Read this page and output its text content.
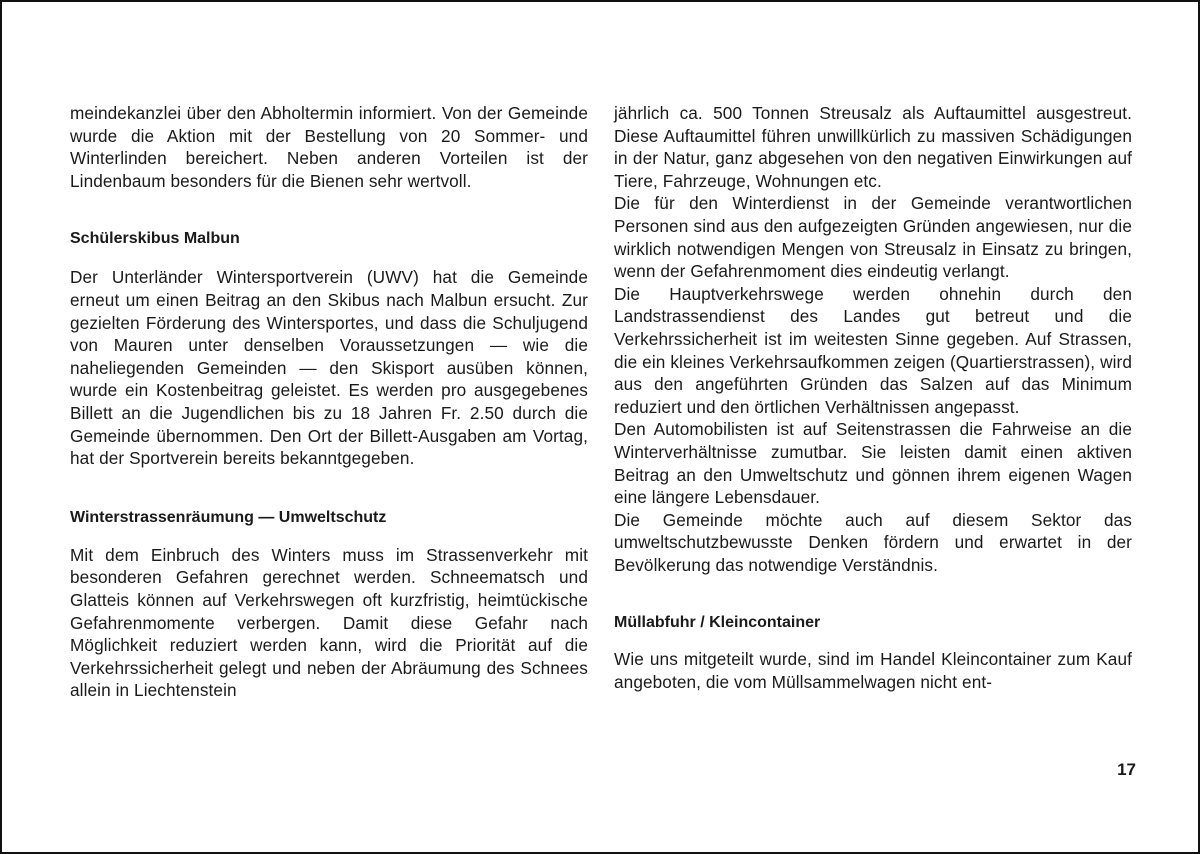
meindekanzlei über den Abholtermin informiert. Von der Gemeinde wurde die Aktion mit der Bestellung von 20 Sommer- und Winterlinden bereichert. Neben anderen Vorteilen ist der Lindenbaum besonders für die Bienen sehr wertvoll.

Schülerskibus Malbun

Der Unterländer Wintersportverein (UWV) hat die Gemeinde erneut um einen Beitrag an den Skibus nach Malbun ersucht. Zur gezielten Förderung des Wintersportes, und dass die Schuljugend von Mauren unter denselben Voraussetzungen — wie die naheliegenden Gemeinden — den Skisport ausüben können, wurde ein Kostenbeitrag geleistet. Es werden pro ausgegebenes Billett an die Jugendlichen bis zu 18 Jahren Fr. 2.50 durch die Gemeinde übernommen. Den Ort der Billett-Ausgaben am Vortag, hat der Sportverein bereits bekanntgegeben.

Winterstrassenräumung — Umweltschutz

Mit dem Einbruch des Winters muss im Strassenverkehr mit besonderen Gefahren gerechnet werden. Schneematsch und Glatteis können auf Verkehrswegen oft kurzfristig, heimtückische Gefahrenmomente verbergen. Damit diese Gefahr nach Möglichkeit reduziert werden kann, wird die Priorität auf die Verkehrssicherheit gelegt und neben der Abräumung des Schnees allein in Liechtenstein

jährlich ca. 500 Tonnen Streusalz als Auftaumittel ausgestreut. Diese Auftaumittel führen unwillkürlich zu massiven Schädigungen in der Natur, ganz abgesehen von den negativen Einwirkungen auf Tiere, Fahrzeuge, Wohnungen etc.

Die für den Winterdienst in der Gemeinde verantwortlichen Personen sind aus den aufgezeigten Gründen angewiesen, nur die wirklich notwendigen Mengen von Streusalz in Einsatz zu bringen, wenn der Gefahrenmoment dies eindeutig verlangt.

Die Hauptverkehrswege werden ohnehin durch den Landstrassendienst des Landes gut betreut und die Verkehrssicherheit ist im weitesten Sinne gegeben. Auf Strassen, die ein kleines Verkehrsaufkommen zeigen (Quartierstrassen), wird aus den angeführten Gründen das Salzen auf das Minimum reduziert und den örtlichen Verhältnissen angepasst.

Den Automobilisten ist auf Seitenstrassen die Fahrweise an die Winterverhältnisse zumutbar. Sie leisten damit einen aktiven Beitrag an den Umweltschutz und gönnen ihrem eigenen Wagen eine längere Lebensdauer.

Die Gemeinde möchte auch auf diesem Sektor das umweltschutzbewusste Denken fördern und erwartet in der Bevölkerung das notwendige Verständnis.

Müllabfuhr / Kleincontainer

Wie uns mitgeteilt wurde, sind im Handel Kleincontainer zum Kauf angeboten, die vom Müllsammelwagen nicht ent-

17
